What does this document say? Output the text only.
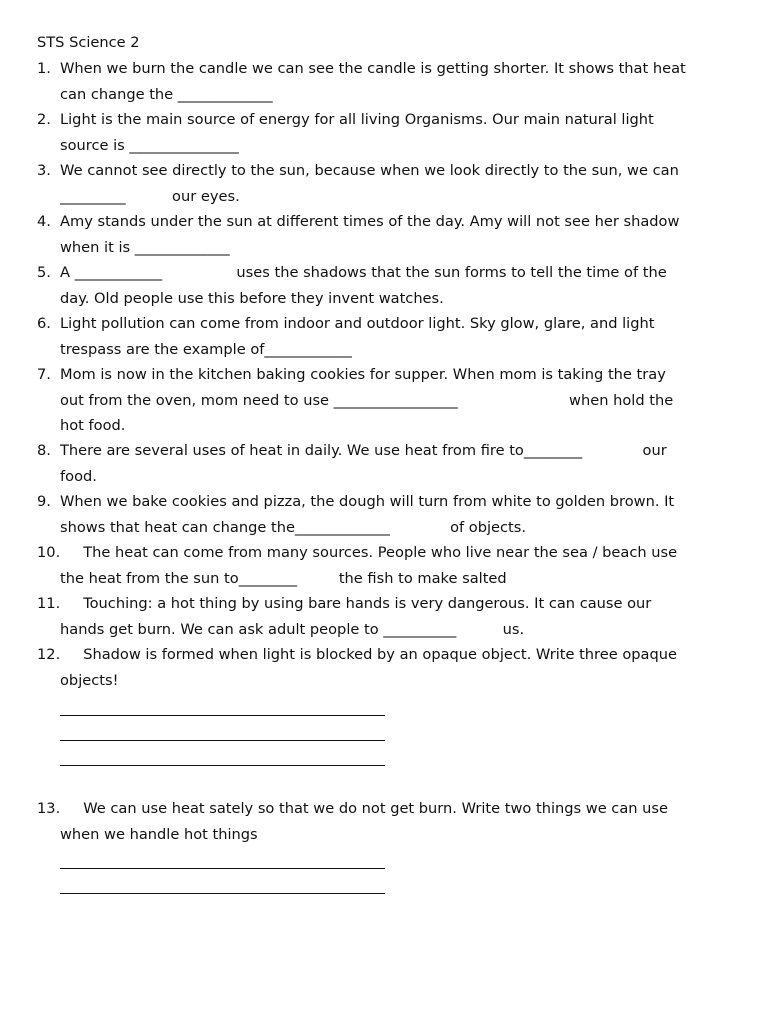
STS Science 2
1. When we burn the candle we can see the candle is getting shorter. It shows that heat
can change the _____________
2. Light is the main source of energy for all living Organisms. Our main natural light
source is _______________
3. We cannot see directly to the sun, because when we look directly to the sun, we can
_________          our eyes.
4. Amy stands under the sun at different times of the day. Amy will not see her shadow
when it is _____________
5. A ____________                uses the shadows that the sun forms to tell the time of the
day. Old people use this before they invent watches.
6. Light pollution can come from indoor and outdoor light. Sky glow, glare, and light
trespass are the example of____________
7. Mom is now in the kitchen baking cookies for supper. When mom is taking the tray
out from the oven, mom need to use _________________                        when hold the
hot food.
8. There are several uses of heat in daily. We use heat from fire to________             our
food.
9. When we bake cookies and pizza, the dough will turn from white to golden brown. It
shows that heat can change the_____________             of objects.
10. The heat can come from many sources. People who live near the sea / beach use
the heat from the sun to________         the fish to make salted
11. Touching: a hot thing by using bare hands is very dangerous. It can cause our
hands get burn. We can ask adult people to __________          us.
12. Shadow is formed when light is blocked by an opaque object. Write three opaque
objects!
13. We can use heat sately so that we do not get burn. Write two things we can use
when we handle hot things
